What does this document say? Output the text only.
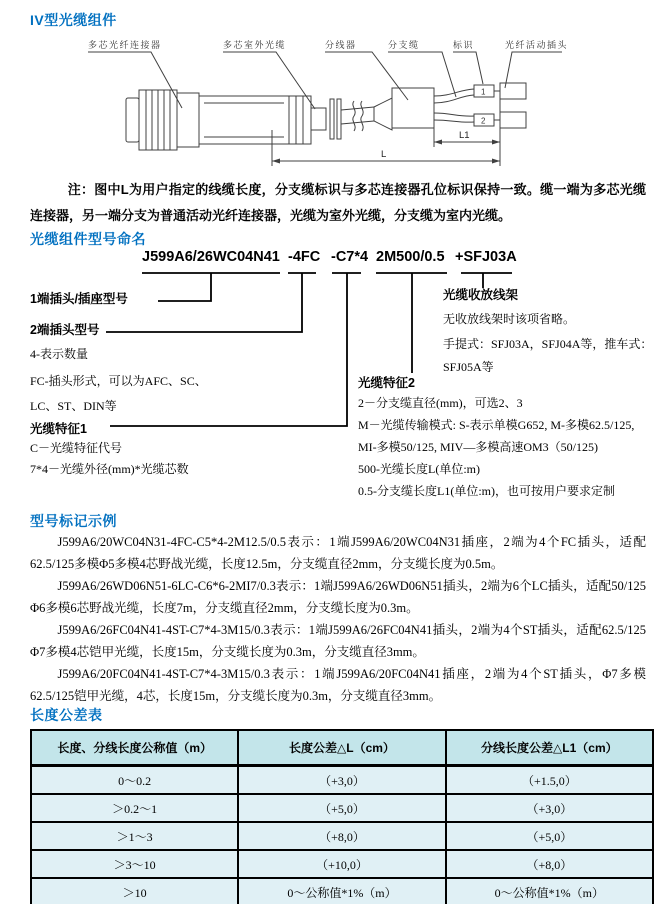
IV型光缆组件
多芯光纤连接器	多芯室外光缆	分线器	分支缆	标识	光纤活动插头
1
2
L1
L
注：图中L为用户指定的线缆长度，分支缆标识与多芯连接器孔位标识保持一致。缆一端为多芯光缆连接器，另一端分支为普通活动光纤连接器，光缆为室外光缆，分支缆为室内光缆。
光缆组件型号命名
J599A6/26WC04N41 -4FC -C7*4 2M500/0.5 +SFJ03A
1端插头/插座型号
2端插头型号
4-表示数量
FC-插头形式，可以为AFC、SC、
LC、ST、DIN等
光缆特征1
C－光缆特征代号
7*4－光缆外径(mm)*光缆芯数
光缆收放线架
无收放线架时该项省略。
手提式：SFJ03A，SFJ04A等，推车式：
SFJ05A等
光缆特征2
2－分支缆直径(mm)，可选2、3
M－光缆传输模式: S-表示单模G652, M-多模62.5/125,
MI-多模50/125, MIV—多模高速OM3（50/125)
500-光缆长度L(单位:m)
0.5-分支缆长度L1(单位:m)，也可按用户要求定制
型号标记示例

J599A6/20WC04N31-4FC-C5*4-2M12.5/0.5表示：1端J599A6/20WC04N31插座，2端为4个FC插头，适配62.5/125多模Φ5多模4芯野战光缆，长度12.5m，分支缆直径2mm，分支缆长度为0.5m。

J599A6/26WD06N51-6LC-C6*6-2MI7/0.3表示：1端J599A6/26WD06N51插头，2端为6个LC插头，适配50/125 Φ6多模6芯野战光缆，长度7m，分支缆直径2mm，分支缆长度为0.3m。

J599A6/26FC04N41-4ST-C7*4-3M15/0.3表示：1端J599A6/26FC04N41插头，2端为4个ST插头，适配62.5/125 Φ7多模4芯铠甲光缆，长度15m，分支缆长度为0.3m，分支缆直径3mm。

J599A6/20FC04N41-4ST-C7*4-3M15/0.3表示：1端J599A6/20FC04N41插座，2端为4个ST插头，Φ7多模62.5/125铠甲光缆，4芯，长度15m，分支缆长度为0.3m，分支缆直径3mm。

长度公差表
长度、分线长度公称值（m）	长度公差△L（cm）	分线长度公差△L1（cm）
0～0.2	（+3,0）	（+1.5,0）
＞0.2～1	（+5,0）	（+3,0）
＞1～3	（+8,0）	（+5,0）
＞3～10	（+10,0）	（+8,0）
＞10	0～公称值*1%（m）	0～公称值*1%（m）
